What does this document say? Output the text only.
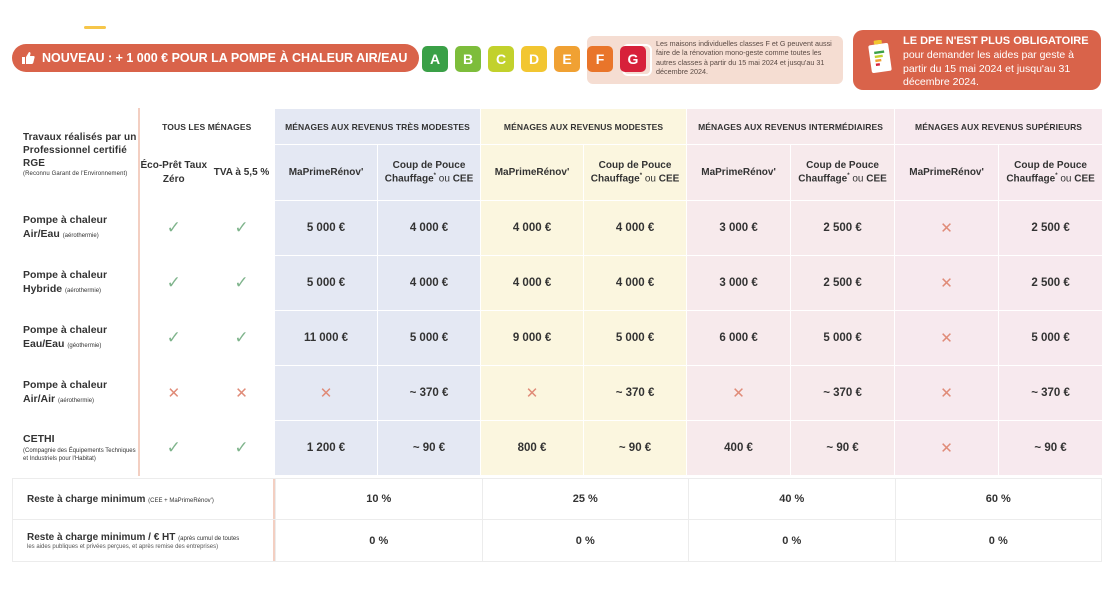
NOUVEAU : + 1 000 € POUR LA POMPE À CHALEUR AIR/EAU	A	B	C	D	E	F	G
Les maisons individuelles classes F et G peuvent aussi faire de la rénovation mono-geste comme toutes les autres classes à partir du 15 mai 2024 et jusqu'au 31 décembre 2024.
LE DPE N'EST PLUS OBLIGATOIRE
pour demander les aides par geste à partir du 15 mai 2024 et jusqu'au 31 décembre 2024.
Travaux réalisés par un Professionnel certifié RGE
(Reconnu Garant de l'Environnement)	TOUS LES MÉNAGES		MÉNAGES AUX REVENUS TRÈS MODESTES		MÉNAGES AUX REVENUS MODESTES		MÉNAGES AUX REVENUS INTERMÉDIAIRES		MÉNAGES AUX REVENUS SUPÉRIEURS	
	Éco-Prêt Taux Zéro	TVA à 5,5 %	MaPrimeRénov'	Coup de Pouce Chauffage* ou CEE	MaPrimeRénov'	Coup de Pouce Chauffage* ou CEE	MaPrimeRénov'	Coup de Pouce Chauffage* ou CEE	MaPrimeRénov'	Coup de Pouce Chauffage* ou CEE

Pompe à chaleur Air/Eau (aérothermie)	✓	✓	5 000 €	4 000 €	4 000 €	4 000 €	3 000 €	2 500 €	✕	2 500 €

Pompe à chaleur Hybride (aérothermie)	✓	✓	5 000 €	4 000 €	4 000 €	4 000 €	3 000 €	2 500 €	✕	2 500 €

Pompe à chaleur Eau/Eau (géothermie)	✓	✓	11 000 €	5 000 €	9 000 €	5 000 €	6 000 €	5 000 €	✕	5 000 €

Pompe à chaleur Air/Air (aérothermie)	✕	✕	✕	~ 370 €	✕	~ 370 €	✕	~ 370 €	✕	~ 370 €

CETHI
(Compagnie des Équipements Techniques et Industriels pour l'Habitat)	✓	✓	1 200 €	~ 90 €	800 €	~ 90 €	400 €	~ 90 €	✕	~ 90 €
Reste à charge minimum (CEE + MaPrimeRénov')	10 %	25 %	40 %	60 %
Reste à charge minimum / € HT (après cumul de toutes
les aides publiques et privées perçues, et après remise des entreprises)	0 %	0 %	0 %	0 %
